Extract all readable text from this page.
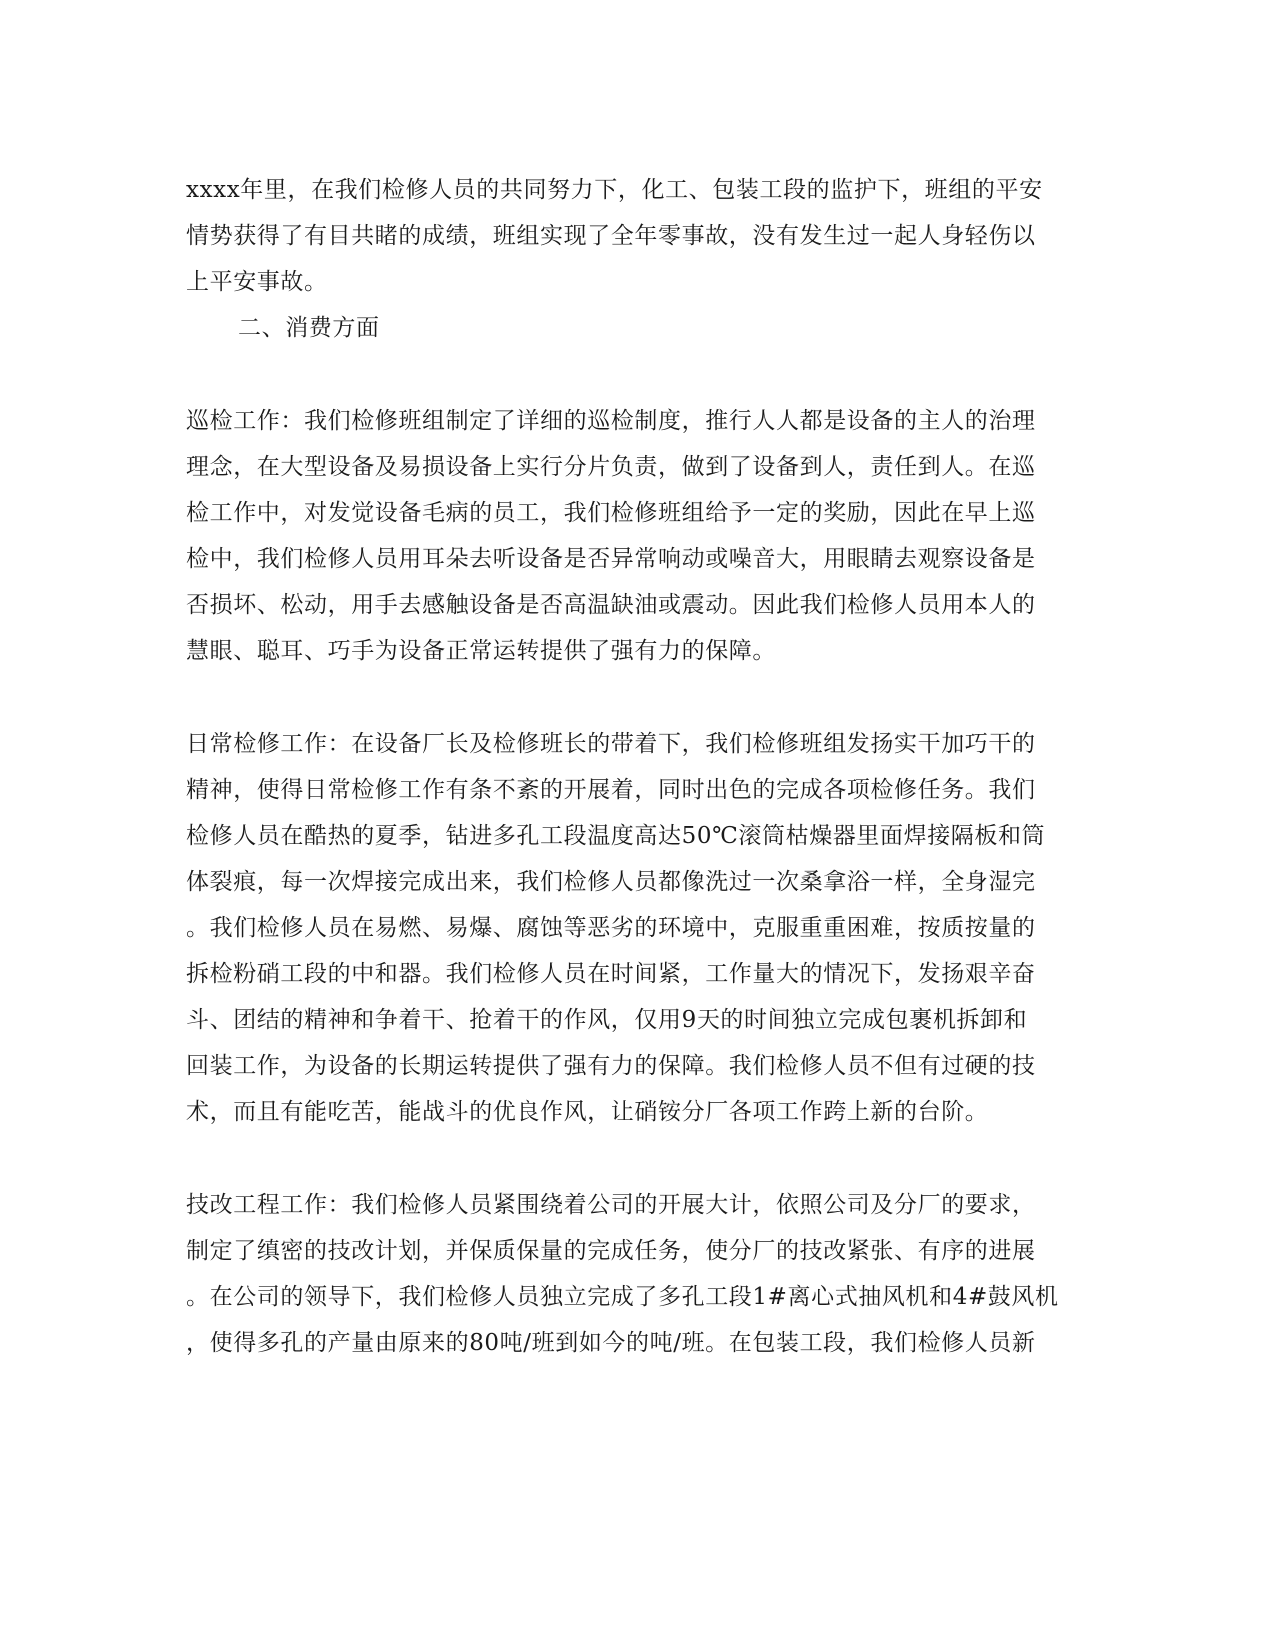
xxxx年里，在我们检修人员的共同努力下，化工、包装工段的监护下，班组的平安
情势获得了有目共睹的成绩，班组实现了全年零事故，没有发生过一起人身轻伤以
上平安事故。
二、消费方面
巡检工作：我们检修班组制定了详细的巡检制度，推行人人都是设备的主人的治理
理念，在大型设备及易损设备上实行分片负责，做到了设备到人，责任到人。在巡
检工作中，对发觉设备毛病的员工，我们检修班组给予一定的奖励，因此在早上巡
检中，我们检修人员用耳朵去听设备是否异常响动或噪音大，用眼睛去观察设备是
否损坏、松动，用手去感触设备是否高温缺油或震动。因此我们检修人员用本人的
慧眼、聪耳、巧手为设备正常运转提供了强有力的保障。
日常检修工作：在设备厂长及检修班长的带着下，我们检修班组发扬实干加巧干的
精神，使得日常检修工作有条不紊的开展着，同时出色的完成各项检修任务。我们
检修人员在酷热的夏季，钻进多孔工段温度高达50℃滚筒枯燥器里面焊接隔板和筒
体裂痕，每一次焊接完成出来，我们检修人员都像洗过一次桑拿浴一样，全身湿完
。我们检修人员在易燃、易爆、腐蚀等恶劣的环境中，克服重重困难，按质按量的
拆检粉硝工段的中和器。我们检修人员在时间紧，工作量大的情况下，发扬艰辛奋
斗、团结的精神和争着干、抢着干的作风，仅用9天的时间独立完成包裹机拆卸和
回装工作，为设备的长期运转提供了强有力的保障。我们检修人员不但有过硬的技
术，而且有能吃苦，能战斗的优良作风，让硝铵分厂各项工作跨上新的台阶。
技改工程工作：我们检修人员紧围绕着公司的开展大计，依照公司及分厂的要求，
制定了缜密的技改计划，并保质保量的完成任务，使分厂的技改紧张、有序的进展
。在公司的领导下，我们检修人员独立完成了多孔工段1#离心式抽风机和4#鼓风机
，使得多孔的产量由原来的80吨/班到如今的吨/班。在包装工段，我们检修人员新
